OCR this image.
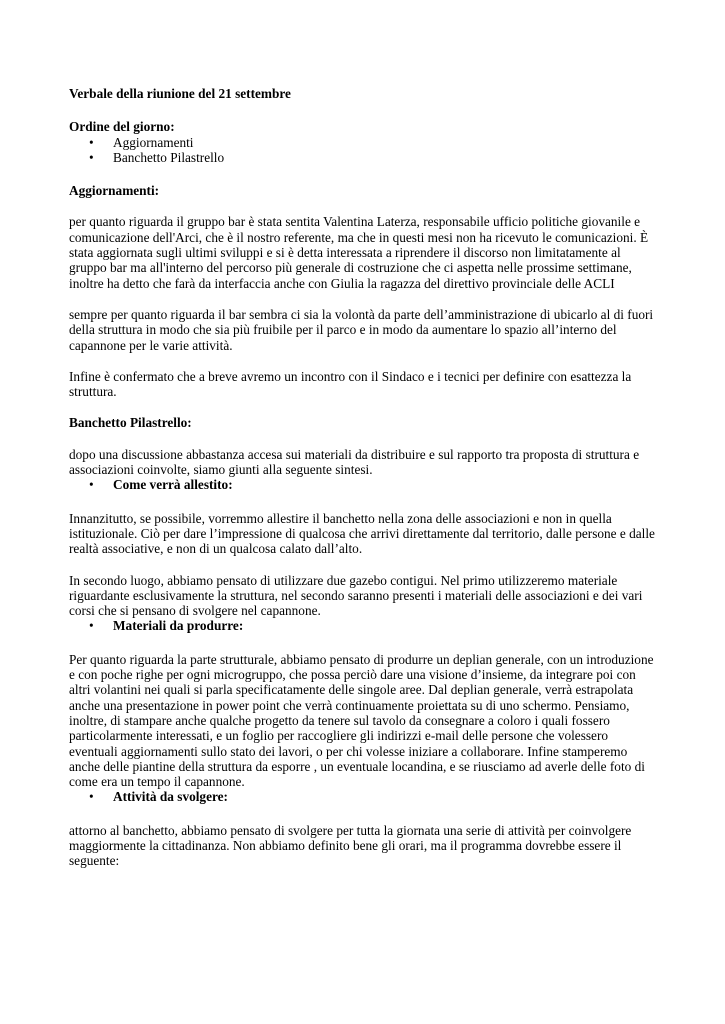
Verbale della riunione del 21 settembre

Ordine del giorno:

• Aggiornamenti
• Banchetto Pilastrello

Aggiornamenti:

per quanto riguarda il gruppo bar è stata sentita Valentina Laterza, responsabile ufficio politiche giovanile e comunicazione dell'Arci, che è il nostro referente, ma che in questi mesi non ha ricevuto le comunicazioni. È stata aggiornata sugli ultimi sviluppi e si è detta interessata a riprendere il discorso non limitatamente al gruppo bar ma all'interno del percorso più generale di costruzione che ci aspetta nelle prossime settimane, inoltre ha detto che farà da interfaccia anche con Giulia la ragazza del direttivo provinciale delle ACLI

sempre per quanto riguarda il bar sembra ci sia la volontà da parte dell’amministrazione di ubicarlo al di fuori della struttura in modo che sia più fruibile per il parco e in modo da aumentare lo spazio all’interno del capannone per le varie attività.

Infine è confermato che a breve avremo un incontro con il Sindaco e i tecnici per definire con esattezza la struttura.

Banchetto Pilastrello:

dopo una discussione abbastanza accesa sui materiali da distribuire e sul rapporto tra proposta di struttura e associazioni coinvolte, siamo giunti alla seguente sintesi.

• Come verrà allestito:

Innanzitutto, se possibile, vorremmo allestire il banchetto nella zona delle associazioni e non in quella istituzionale. Ciò per dare l’impressione di qualcosa che arrivi direttamente dal territorio, dalle persone e dalle realtà associative, e non di un qualcosa calato dall’alto.

In secondo luogo, abbiamo pensato di utilizzare due gazebo contigui. Nel primo utilizzeremo materiale riguardante esclusivamente la struttura, nel secondo saranno presenti i materiali delle associazioni e dei vari corsi che si pensano di svolgere nel capannone.

• Materiali da produrre:

Per quanto riguarda la parte strutturale, abbiamo pensato di produrre un deplian generale, con un introduzione e con poche righe per ogni microgruppo, che possa perciò dare una visione d’insieme, da integrare poi con altri volantini nei quali si parla specificatamente delle singole aree. Dal deplian generale, verrà estrapolata anche una presentazione in power point che verrà continuamente proiettata su di uno schermo. Pensiamo, inoltre, di stampare anche qualche progetto da tenere sul tavolo da consegnare a coloro i quali fossero particolarmente interessati, e un foglio per raccogliere gli indirizzi e-mail delle persone che volessero eventuali aggiornamenti sullo stato dei lavori, o per chi volesse iniziare a collaborare. Infine stamperemo anche delle piantine della struttura da esporre , un eventuale locandina, e se riusciamo ad averle delle foto di come era un tempo il capannone.

• Attività da svolgere:

attorno al banchetto, abbiamo pensato di svolgere per tutta la giornata una serie di attività per coinvolgere maggiormente la cittadinanza. Non abbiamo definito bene gli orari, ma il programma dovrebbe essere il seguente:
